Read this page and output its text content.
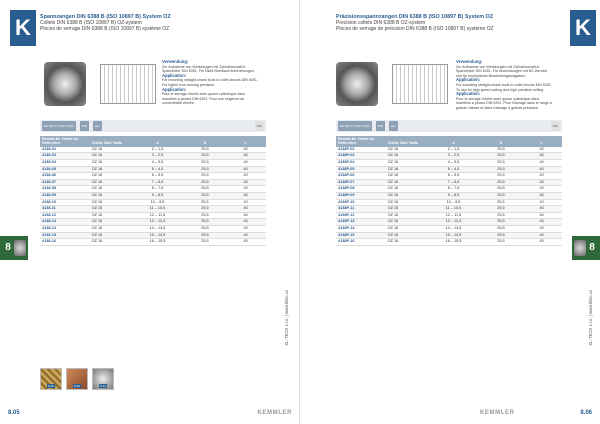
K	Spannzangen DIN 6388 B (ISO 10897 B) System OZ
Collets DIN 6388 B (ISO 10897 B) OZ-system
Pinces de serrage DIN 6388 B (ISO 10897 B) système OZ
Verwendung:
Zur Aufnahme von Werkzeugen mit Zylinderschaft in Spannfutter DIN 6391. Für Nicht-Rundlauf-Anforderungen.
Application:
For mounting straight-shank tools in collet chucks DIN 6391. For higher true-running precision.
Application:
Pour le serrage d'outils avec queue cylindrique dans mandrins à pinces DIN 6391. Pour une exigence de concentricité élevée.
EH 840 PI 1300 0 ISO	DIN	pcs	Abb
Bestell-Nr. Order no. Référence	Größe Size Taille	d	D	L
4138-02	OZ 16	2 – 1,5	25,5	40
4138-03	OZ 16	3 – 2,5	25,5	40
4138-04	OZ 16	4 – 3,5	25,5	40
4138-05	OZ 16	5 – 4,5	25,5	40
4138-06	OZ 16	6 – 5,5	25,5	40
4138-07	OZ 16	7 – 6,5	25,5	40
4138-08	OZ 16	8 – 7,5	25,5	40
4138-09	OZ 16	9 – 8,5	25,5	40
4138-10	OZ 16	10 – 9,5	25,5	40
4138-11	OZ 16	11 – 10,5	25,5	40
4138-12	OZ 16	12 – 11,5	25,5	40
4138-13	OZ 16	13 – 12,5	25,5	40
4138-14	OZ 16	14 – 13,5	25,5	40
4138-15	OZ 16	15 – 14,5	25,5	40
4138-16	OZ 16	16 – 15,5	25,5	40
8
KL-TECH s.r.o. | www.kltec.cz
8.20	8.20	8.21
8.05	KEMMLER
K
Präzisionsspannzangen DIN 6388 B (ISO 10897 B) System OZ
Precision collets DIN 6388 B OZ-system
Pinces de serrage de précision DIN 6388 B (ISO 10897 B) système OZ
Verwendung:
Zur Aufnahme von Werkzeugen mit Zylinderschaft in Spannfutter DIN 6391. Für Anwendungen mit NC-Bereich und für hochpräzise Bearbeitungsaufgaben.
Application:
For mounting straight-shank tools in collet chucks DIN 6391. To use for high speed cutting and high precision milling.
Application:
Pour le serrage d'outils avec queue cylindrique dans mandrins à pinces DIN 6391. Pour l'usinage dans le range à grande vitesse et dans l'usinage à grande précision.
EH 840 PI 1300 0 ISO	DIN	pcs	Abb
Bestell-Nr. Order no. Référence	Größe Size Taille	d	D	L
4138P-02	OZ 16	2 – 1,5	25,5	40
4138P-03	OZ 16	3 – 2,5	25,5	40
4138P-04	OZ 16	4 – 3,5	25,5	40
4138P-05	OZ 16	5 – 4,5	25,5	40
4138P-06	OZ 16	6 – 5,5	25,5	40
4138P-07	OZ 16	7 – 6,5	25,5	40
4138P-08	OZ 16	8 – 7,5	25,5	40
4138P-09	OZ 16	9 – 8,5	25,5	40
4138P-10	OZ 16	10 – 9,5	25,5	40
4138P-11	OZ 16	11 – 10,5	25,5	40
4138P-12	OZ 16	12 – 11,5	25,5	40
4138P-13	OZ 16	13 – 12,5	25,5	40
4138P-14	OZ 16	14 – 13,5	25,5	40
4138P-15	OZ 16	15 – 14,5	25,5	40
4138P-16	OZ 16	16 – 15,5	25,5	40
8
KL-TECH s.r.o. | www.kltec.cz
KEMMLER	8.06
